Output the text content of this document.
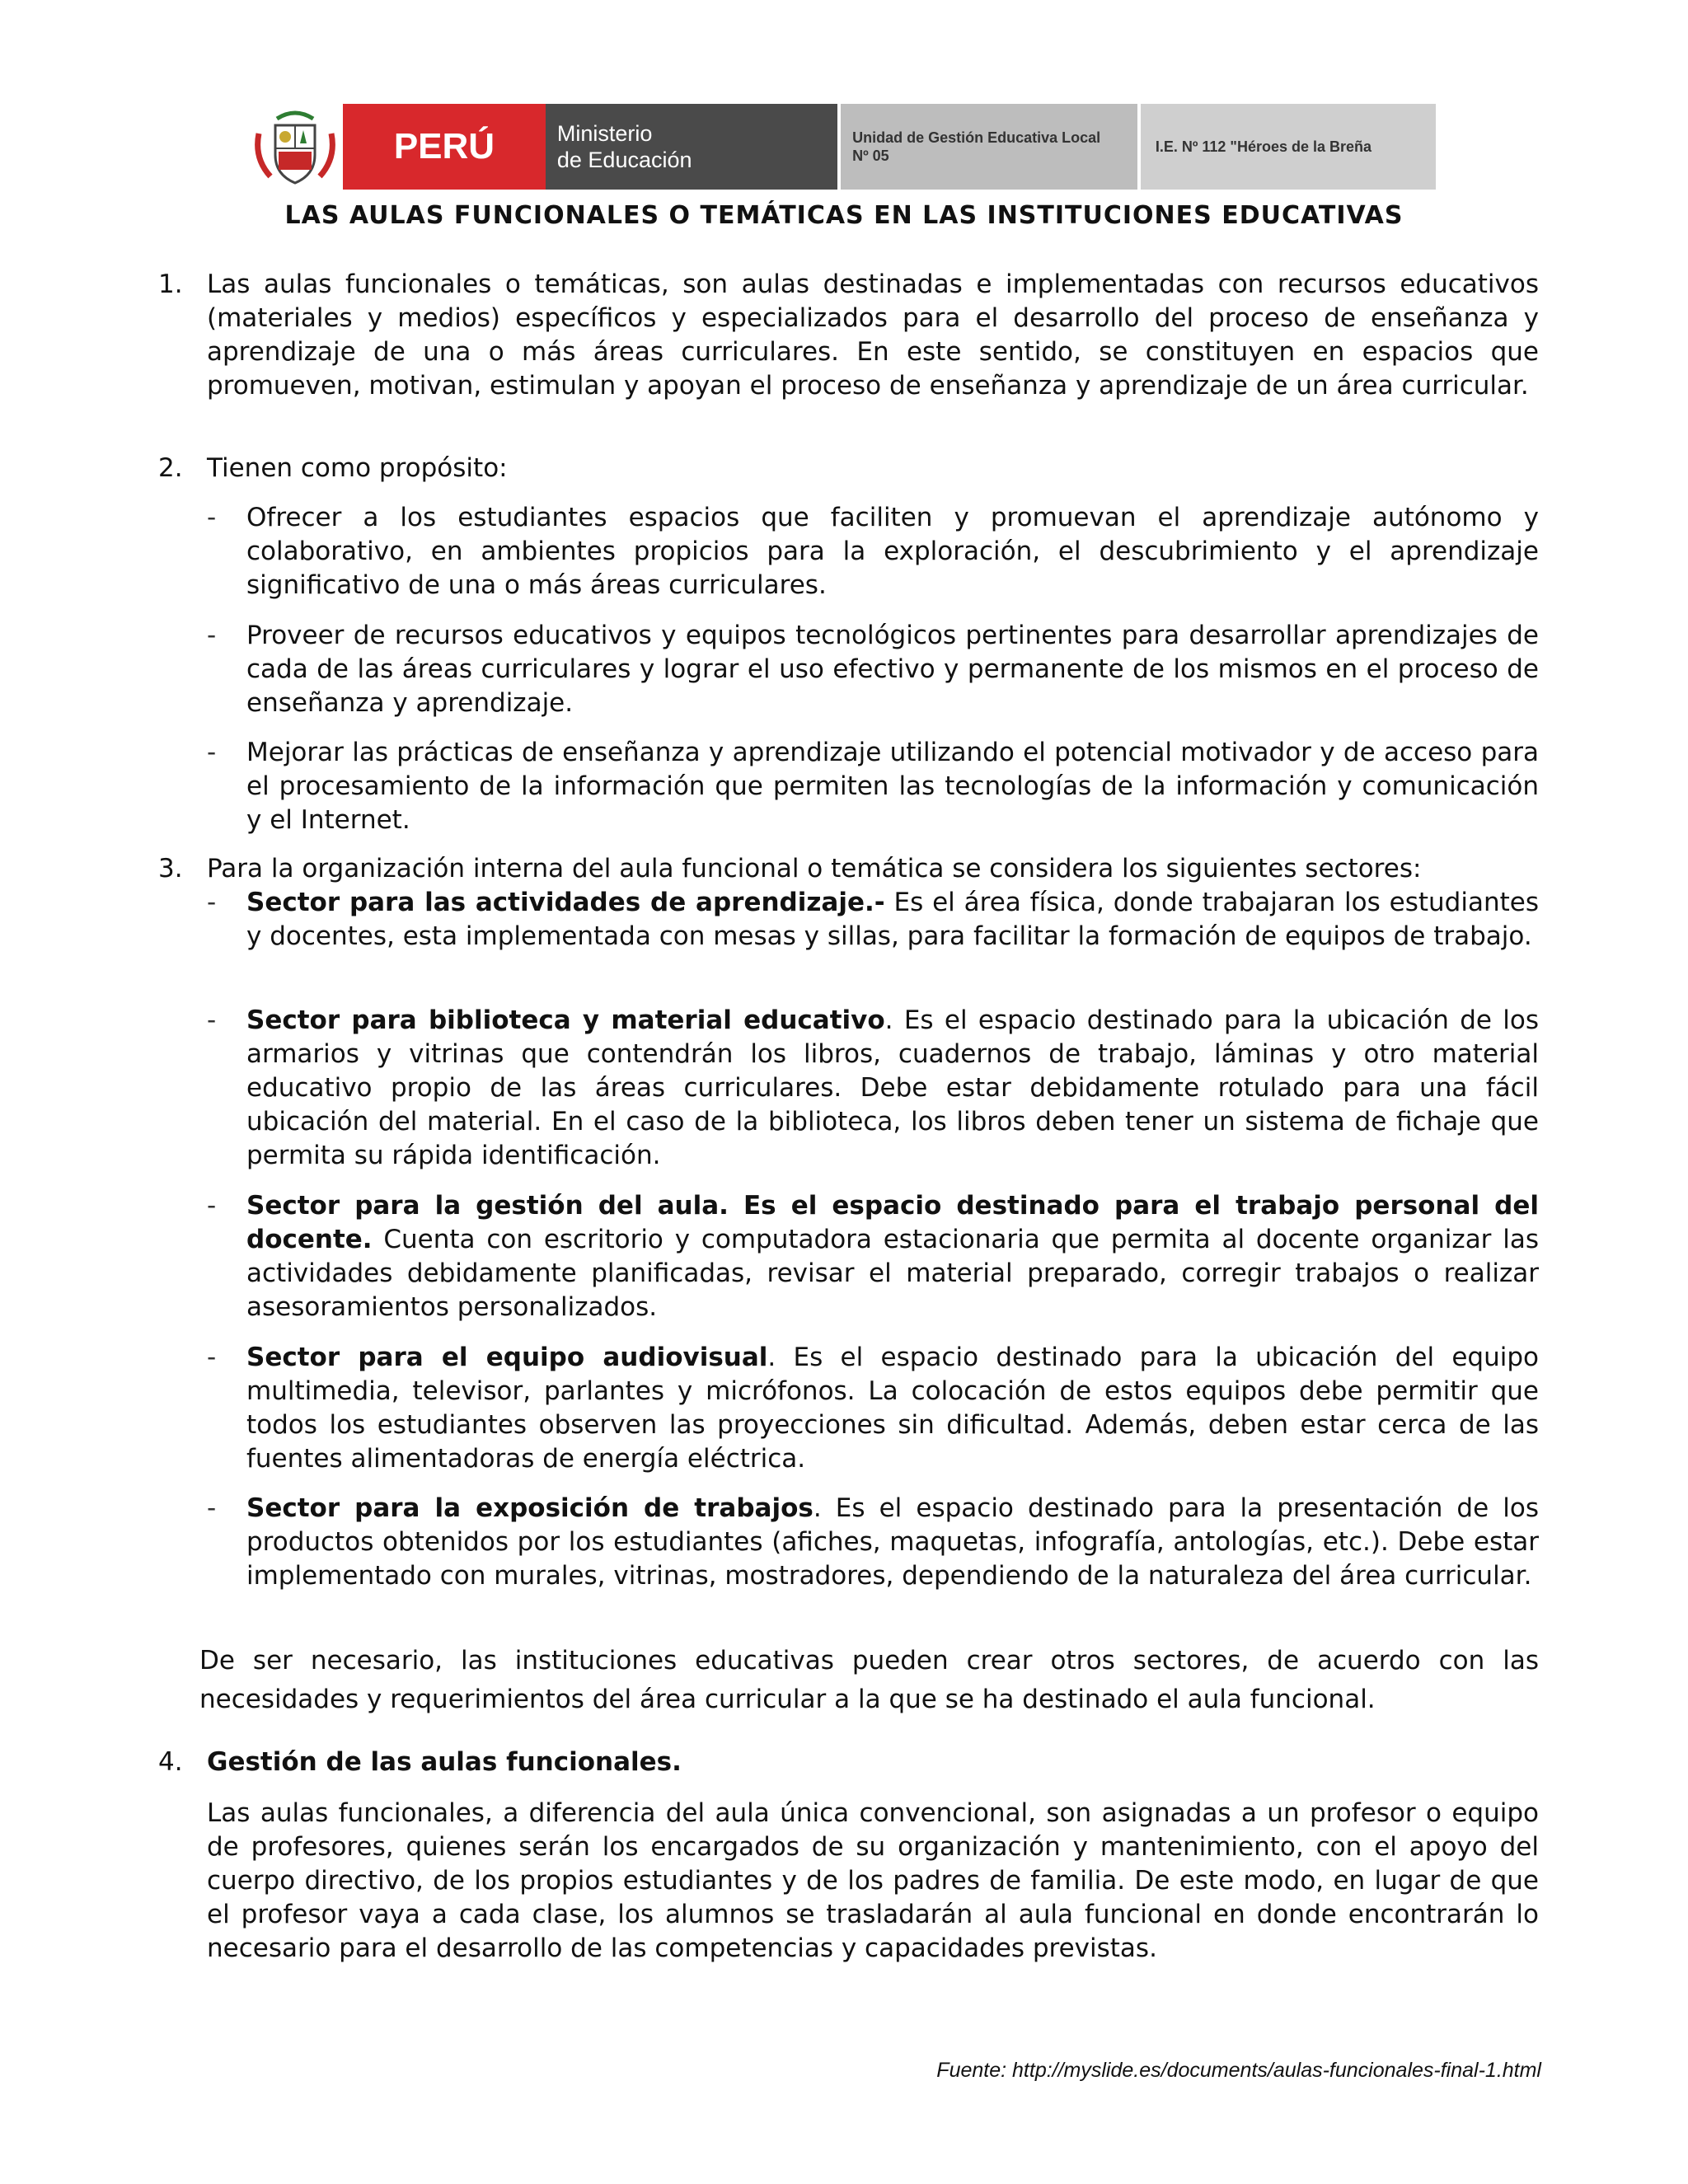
PERÚ	Ministerio
de Educación
Unidad de Gestión Educativa Local
Nº 05
I.E. Nº 112 "Héroes de la Breña
LAS AULAS FUNCIONALES O TEMÁTICAS EN LAS INSTITUCIONES EDUCATIVAS
1. Las aulas funcionales o temáticas, son aulas destinadas e implementadas con recursos educativos (materiales y medios) específicos y especializados para el desarrollo del proceso de enseñanza y aprendizaje de una o más áreas curriculares. En este sentido, se constituyen en espacios que promueven, motivan, estimulan y apoyan el proceso de enseñanza y aprendizaje de un área curricular.
2. Tienen como propósito:
- Ofrecer a los estudiantes espacios que faciliten y promuevan el aprendizaje autónomo y colaborativo, en ambientes propicios para la exploración, el descubrimiento y el aprendizaje significativo de una o más áreas curriculares.
- Proveer de recursos educativos y equipos tecnológicos pertinentes para desarrollar aprendizajes de cada de las áreas curriculares y lograr el uso efectivo y permanente de los mismos en el proceso de enseñanza y aprendizaje.
- Mejorar las prácticas de enseñanza y aprendizaje utilizando el potencial motivador y de acceso para el procesamiento de la información que permiten las tecnologías de la información y comunicación y el Internet.
3. Para la organización interna del aula funcional o temática se considera los siguientes sectores:
- Sector para las actividades de aprendizaje.- Es el área física, donde trabajaran los estudiantes y docentes, esta implementada con mesas y sillas, para facilitar la formación de equipos de trabajo.
- Sector para biblioteca y material educativo. Es el espacio destinado para la ubicación de los armarios y vitrinas que contendrán los libros, cuadernos de trabajo, láminas y otro material educativo propio de las áreas curriculares. Debe estar debidamente rotulado para una fácil ubicación del material. En el caso de la biblioteca, los libros deben tener un sistema de fichaje que permita su rápida identificación.
- Sector para la gestión del aula. Es el espacio destinado para el trabajo personal del docente. Cuenta con escritorio y computadora estacionaria que permita al docente organizar las actividades debidamente planificadas, revisar el material preparado, corregir trabajos o realizar asesoramientos personalizados.
- Sector para el equipo audiovisual. Es el espacio destinado para la ubicación del equipo multimedia, televisor, parlantes y micrófonos. La colocación de estos equipos debe permitir que todos los estudiantes observen las proyecciones sin dificultad. Además, deben estar cerca de las fuentes alimentadoras de energía eléctrica.
- Sector para la exposición de trabajos. Es el espacio destinado para la presentación de los productos obtenidos por los estudiantes (afiches, maquetas, infografía, antologías, etc.). Debe estar implementado con murales, vitrinas, mostradores, dependiendo de la naturaleza del área curricular.
De ser necesario, las instituciones educativas pueden crear otros sectores, de acuerdo con las necesidades y requerimientos del área curricular a la que se ha destinado el aula funcional.
4. Gestión de las aulas funcionales.
Las aulas funcionales, a diferencia del aula única convencional, son asignadas a un profesor o equipo de profesores, quienes serán los encargados de su organización y mantenimiento, con el apoyo del cuerpo directivo, de los propios estudiantes y de los padres de familia. De este modo, en lugar de que el profesor vaya a cada clase, los alumnos se trasladarán al aula funcional en donde encontrarán lo necesario para el desarrollo de las competencias y capacidades previstas.
Fuente: http://myslide.es/documents/aulas-funcionales-final-1.html
